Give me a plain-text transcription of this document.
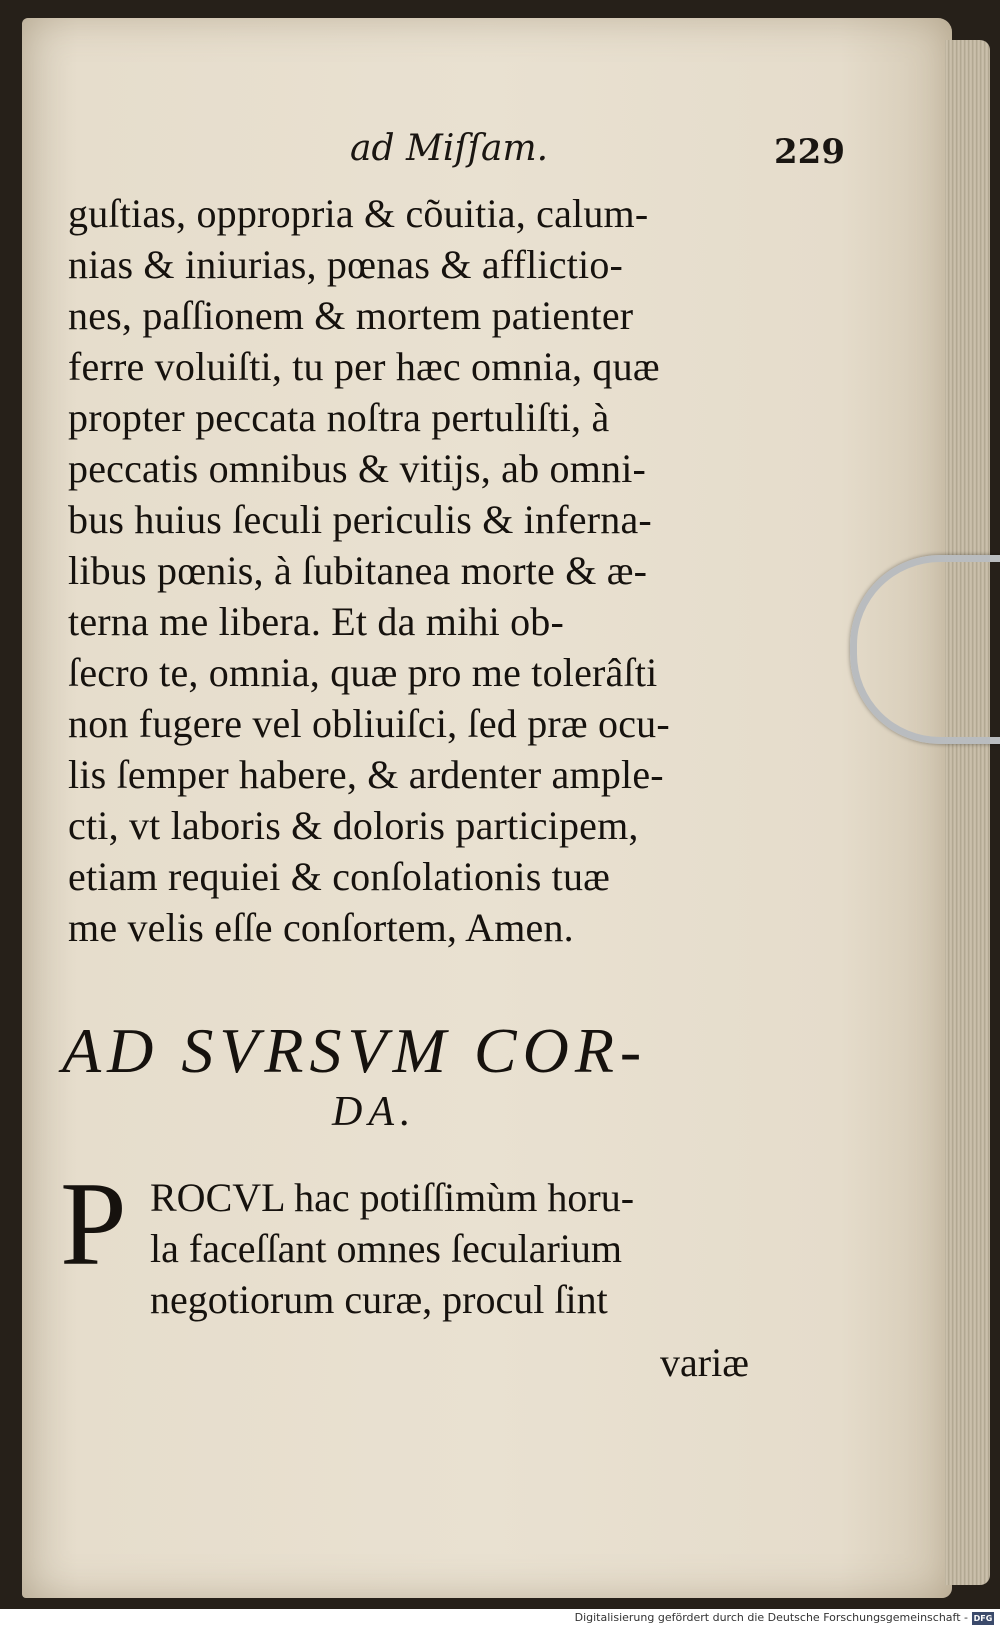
ad Miſſam.	229
guſtias, oppropria & cõuitia, calum-
nias & iniurias, pœnas & afflictio-
nes, paſſionem & mortem patienter
ferre voluiſti, tu per hæc omnia, quæ
propter peccata noſtra pertuliſti, à
peccatis omnibus & vitijs, ab omni-
bus huius ſeculi periculis & inferna-
libus pœnis, à ſubitanea morte & æ-
terna me libera. Et da mihi ob-
ſecro te, omnia, quæ pro me tolerâſti
non fugere vel obliuiſci, ſed præ ocu-
lis ſemper habere, & ardenter ample-
cti, vt laboris & doloris participem,
etiam requiei & conſolationis tuæ
me velis eſſe conſortem, Amen.
AD SVRSVM COR-
DA.
P ROCVL hac potiſſimùm horu-
la faceſſant omnes ſecularium
negotiorum curæ, procul ſint
variæ
Digitalisierung gefördert durch die Deutsche Forschungsgemeinschaft - DFG
